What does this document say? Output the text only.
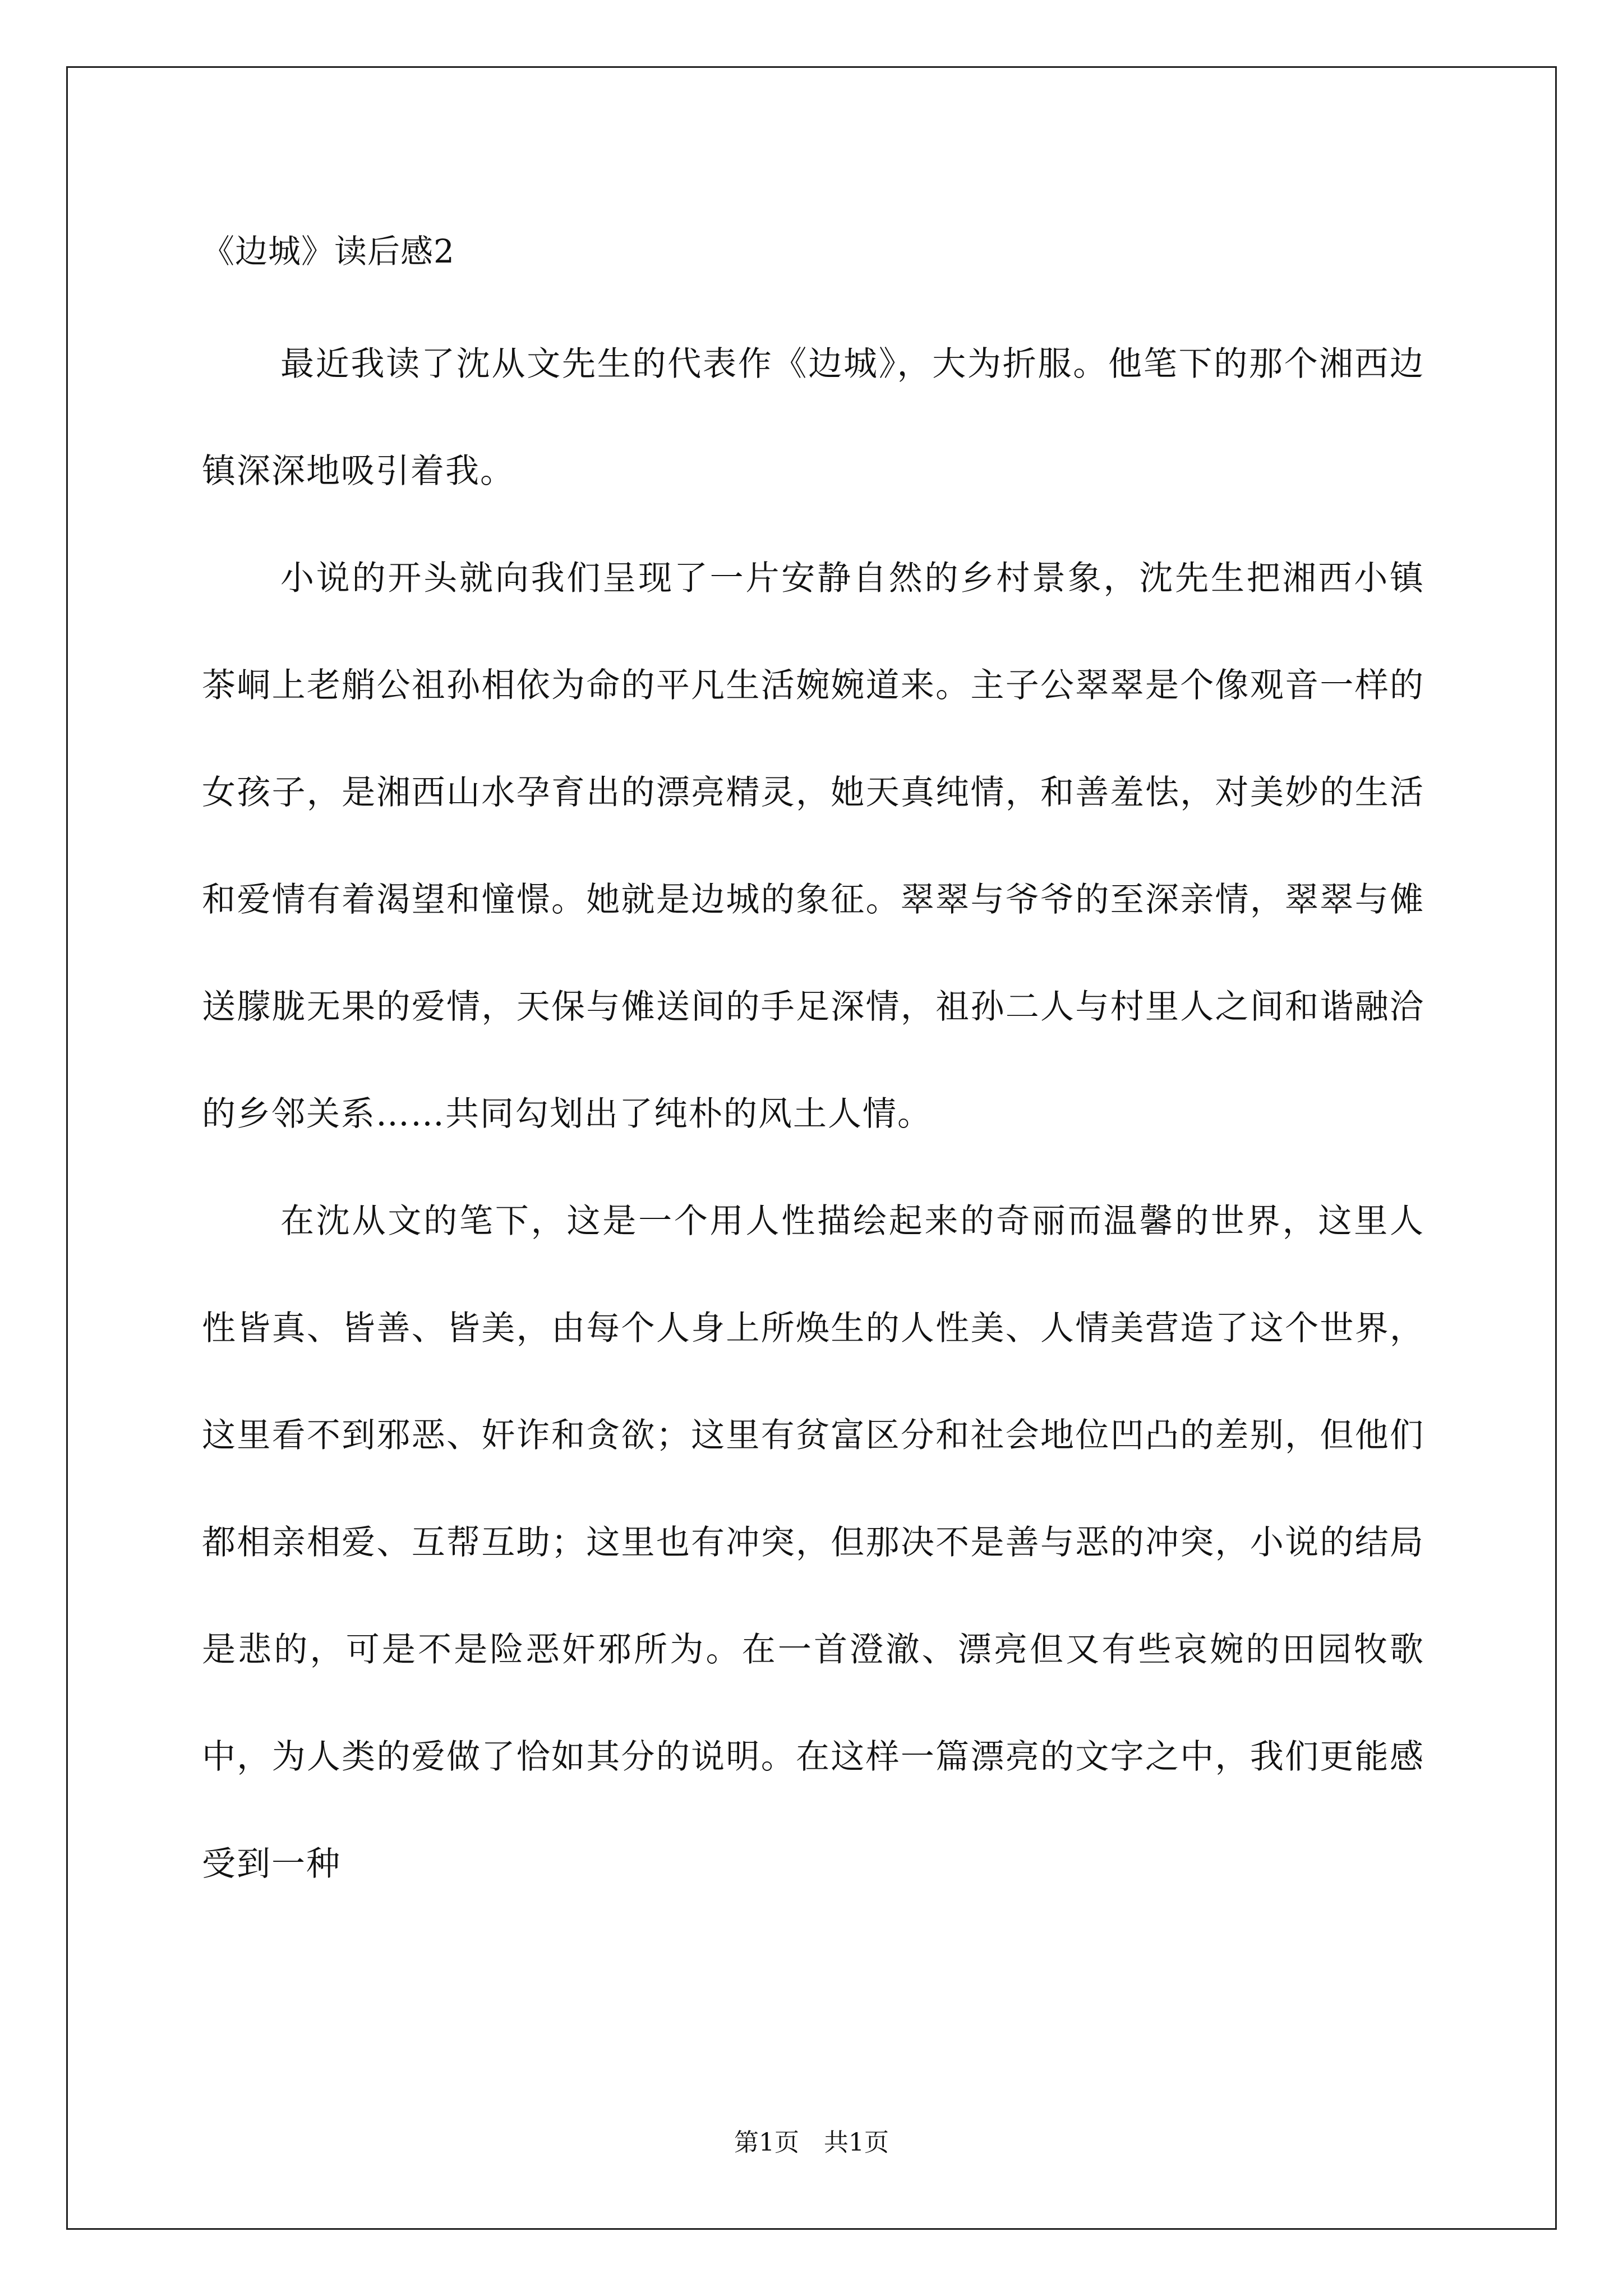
《边城》读后感2

最近我读了沈从文先生的代表作《边城》，大为折服。他笔下的那个湘西边镇深深地吸引着我。

小说的开头就向我们呈现了一片安静自然的乡村景象，沈先生把湘西小镇茶峒上老艄公祖孙相依为命的平凡生活婉婉道来。主子公翠翠是个像观音一样的女孩子，是湘西山水孕育出的漂亮精灵，她天真纯情，和善羞怯，对美妙的生活和爱情有着渴望和憧憬。她就是边城的象征。翠翠与爷爷的至深亲情，翠翠与傩送朦胧无果的爱情，天保与傩送间的手足深情，祖孙二人与村里人之间和谐融洽的乡邻关系……共同勾划出了纯朴的风土人情。

在沈从文的笔下，这是一个用人性描绘起来的奇丽而温馨的世界，这里人性皆真、皆善、皆美，由每个人身上所焕生的人性美、人情美营造了这个世界，这里看不到邪恶、奸诈和贪欲；这里有贫富区分和社会地位凹凸的差别，但他们都相亲相爱、互帮互助；这里也有冲突，但那决不是善与恶的冲突，小说的结局是悲的，可是不是险恶奸邪所为。在一首澄澈、漂亮但又有些哀婉的田园牧歌中，为人类的爱做了恰如其分的说明。在这样一篇漂亮的文字之中，我们更能感受到一种

第1页　共1页
